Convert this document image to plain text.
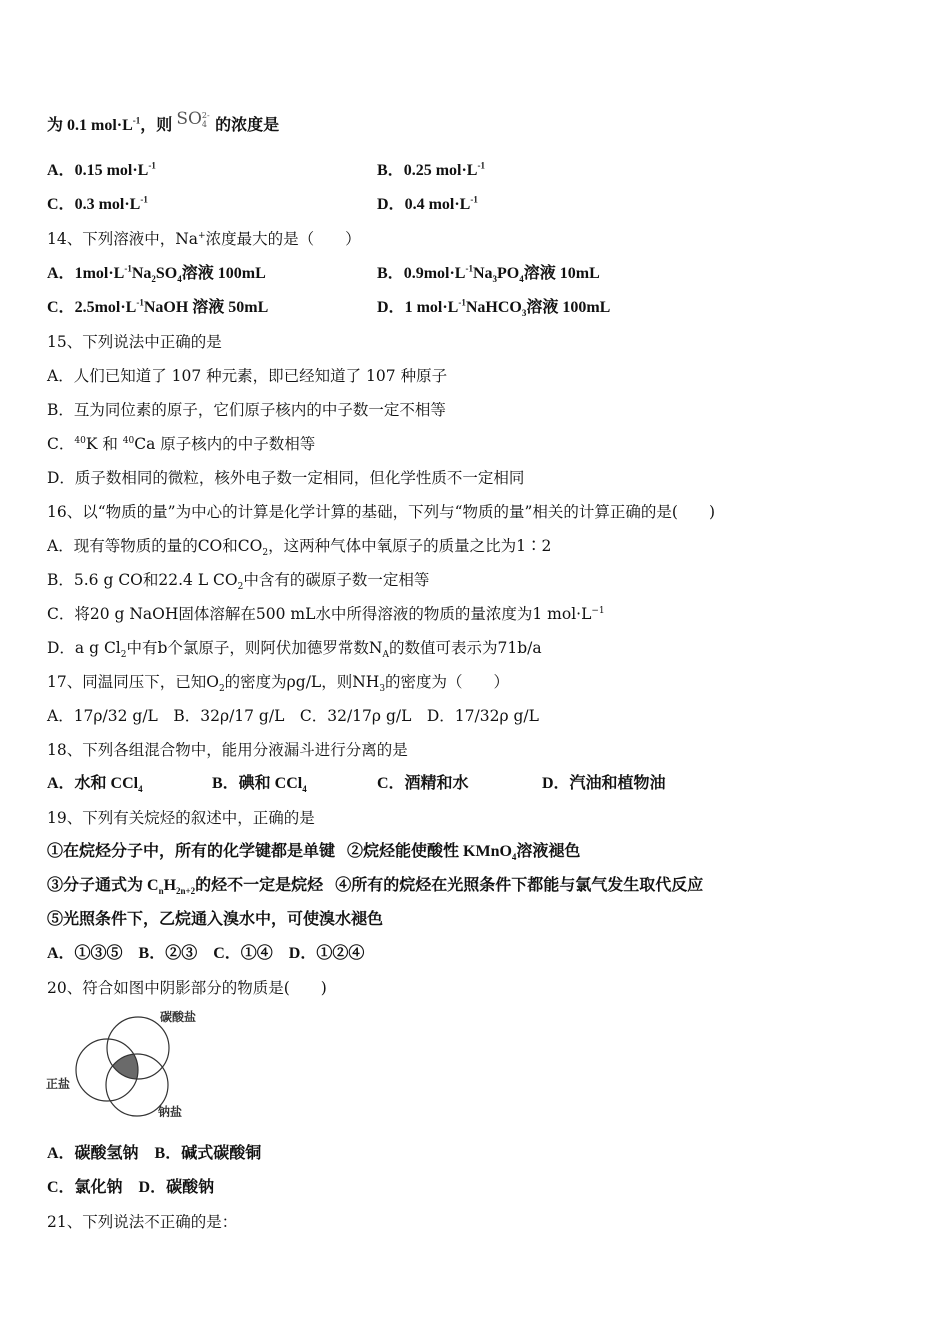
为 0.1 $mol\cdot L^{-1}$，则 SO 2-
4 的浓度是
A．0.15 $mol\cdot L^{-1}$	B．0.25 $mol\cdot L^{-1}$
C．0.3 $mol\cdot L^{-1}$	D．0.4 $mol\cdot L^{-1}$
14、下列溶液中，Na+浓度最大的是（　　）
A．$1mol\cdot L^{-1}Na_2SO_4$溶液 100mL	B．$0.9mol\cdot L^{-1}Na_3PO_4$溶液 10mL
C．$2.5mol\cdot L^{-1}NaOH$ 溶液 50mL	D．1 $mol\cdot L^{-1}NaHCO_3$溶液 100mL
15、下列说法中正确的是
A．人们已知道了 107 种元素，即已经知道了 107 种原子
B．互为同位素的原子，它们原子核内的中子数一定不相等
C．$^{40}$K 和 $^{40}$Ca 原子核内的中子数相等
D．质子数相同的微粒，核外电子数一定相同，但化学性质不一定相同
16、以“物质的量”为中心的计算是化学计算的基础，下列与“物质的量”相关的计算正确的是(　　)
A．现有等物质的量的CO和$CO_2$，这两种气体中氧原子的质量之比为1∶2
B．5.6 g CO和22.4 L $CO_2$中含有的碳原子数一定相等
C．将20 g NaOH固体溶解在500 mL水中所得溶液的物质的量浓度为1 $mol\cdot L^{-1}$
D．a g $Cl_2$中有b个氯原子，则阿伏加德罗常数$N_A$的数值可表示为71b/a
17、同温同压下，已知$O_2$的密度为ρg/L，则$NH_3$的密度为（　　）
A．17ρ/32 g/L　B．32ρ/17 g/L　C．32/17ρ g/L　D．17/32ρ g/L
18、下列各组混合物中，能用分液漏斗进行分离的是
A．水和 CCl$_4$	B．碘和 CCl$_4$	C．酒精和水	D．汽油和植物油
19、下列有关烷烃的叙述中，正确的是
①在烷烃分子中，所有的化学键都是单键 ②烷烃能使酸性 KMnO$_4$溶液褪色
③分子通式为 $C_nH_{2n+2}$的烃不一定是烷烃 ④所有的烷烃在光照条件下都能与氯气发生取代反应
⑤光照条件下，乙烷通入溴水中，可使溴水褪色
A．①③⑤　B．②③　C．①④　D．①②④
20、符合如图中阴影部分的物质是(　　)
碳酸盐
正盐
钠盐
A．碳酸氢钠　B．碱式碳酸铜
C．氯化钠　D．碳酸钠
21、下列说法不正确的是：
